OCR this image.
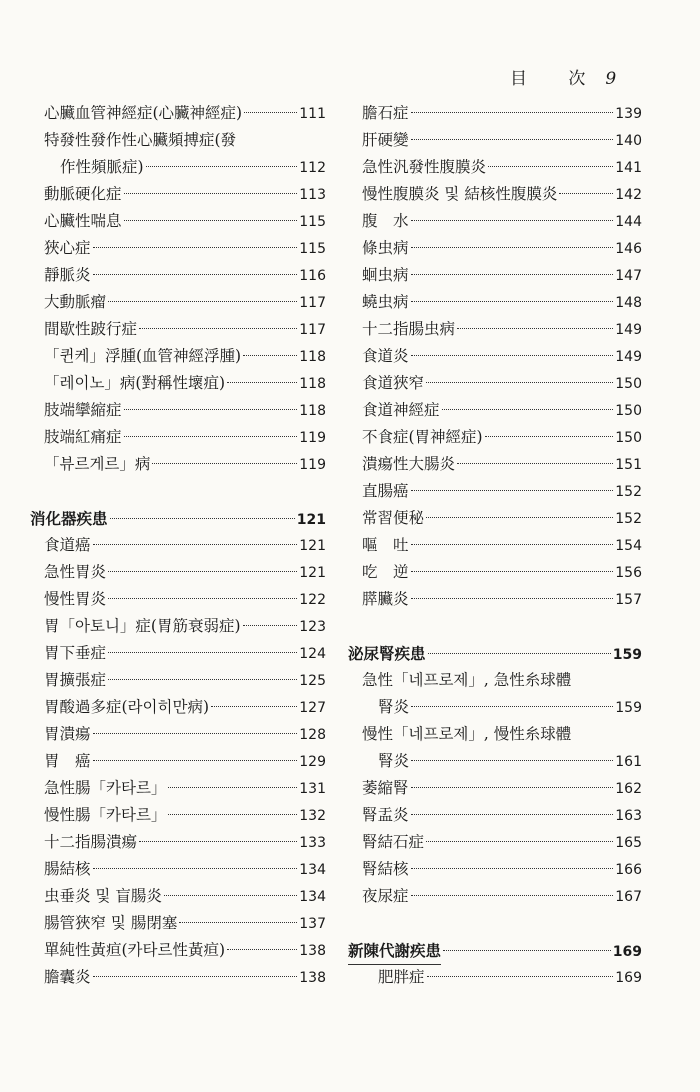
目 次 9
心臟血管神經症(心臟神經症)	111
特發性發作性心臟頻搏症(發
作性頻脈症)	112
動脈硬化症	113
心臟性喘息	115
狹心症	115
靜脈炎	116
大動脈瘤	117
間歇性跛行症	117
「퀸케」浮腫(血管神經浮腫)	118
「레이노」病(對稱性壞疽)	118
肢端攣縮症	118
肢端紅痛症	119
「뷰르게르」病	119
消化器疾患	121
食道癌	121
急性胃炎	121
慢性胃炎	122
胃「아토니」症(胃筋衰弱症)	123
胃下垂症	124
胃擴張症	125
胃酸過多症(라이히만病)	127
胃潰瘍	128
胃　癌	129
急性腸「카타르」	131
慢性腸「카타르」	132
十二指腸潰瘍	133
腸結核	134
虫垂炎 및 盲腸炎	134
腸管狹窄 및 腸閉塞	137
單純性黃疸(카타르性黃疸)	138
膽囊炎	138
膽石症	139
肝硬變	140
急性汎發性腹膜炎	141
慢性腹膜炎 및 結核性腹膜炎	142
腹　水	144
條虫病	146
蛔虫病	147
蟯虫病	148
十二指腸虫病	149
食道炎	149
食道狹窄	150
食道神經症	150
不食症(胃神經症)	150
潰瘍性大腸炎	151
直腸癌	152
常習便秘	152
嘔　吐	154
吃　逆	156
膵臟炎	157
泌尿腎疾患	159
急性「네프로제」, 急性糸球體
腎炎	159
慢性「네프로제」, 慢性糸球體
腎炎	161
萎縮腎	162
腎盂炎	163
腎結石症	165
腎結核	166
夜尿症	167
新陳代謝疾患	169
肥胖症	169
